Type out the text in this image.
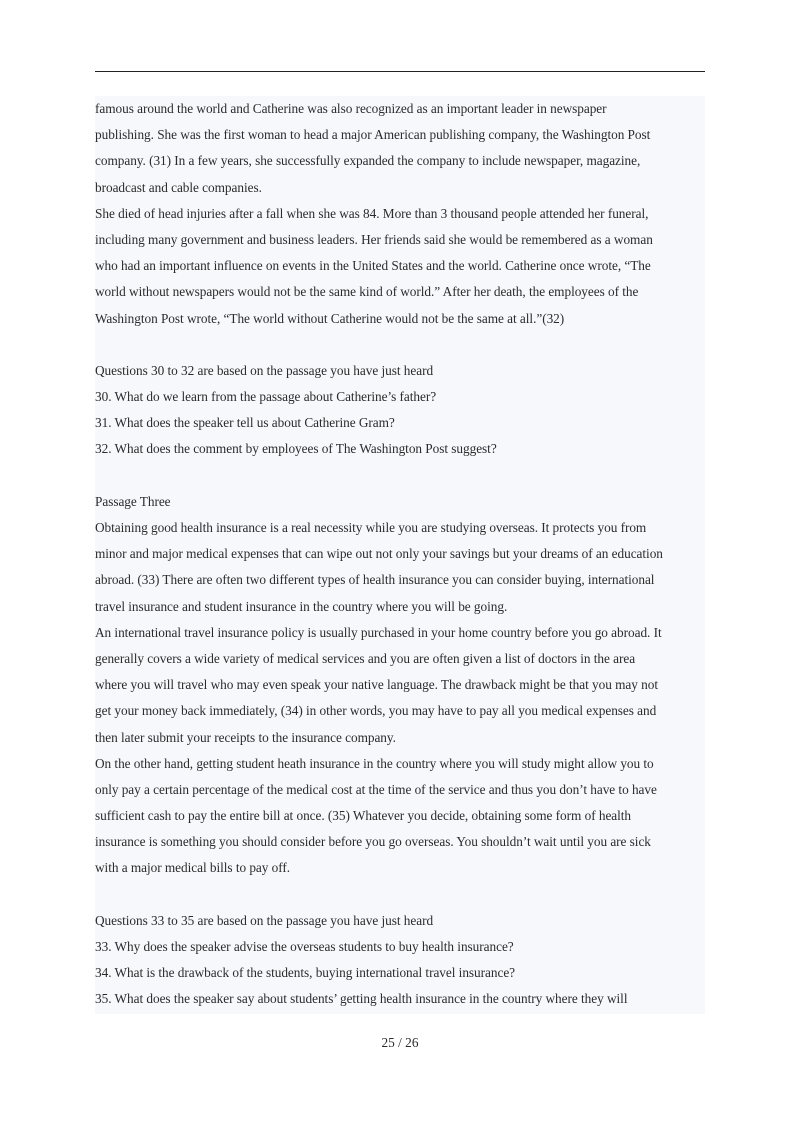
famous around the world and Catherine was also recognized as an important leader in newspaper
publishing. She was the first woman to head a major American publishing company, the Washington Post
company. (31) In a few years, she successfully expanded the company to include newspaper, magazine,
broadcast and cable companies.
She died of head injuries after a fall when she was 84. More than 3 thousand people attended her funeral,
including many government and business leaders. Her friends said she would be remembered as a woman
who had an important influence on events in the United States and the world. Catherine once wrote, “The
world without newspapers would not be the same kind of world.” After her death, the employees of the
Washington Post wrote, “The world without Catherine would not be the same at all.”(32)
Questions 30 to 32 are based on the passage you have just heard
30. What do we learn from the passage about Catherine’s father?
31. What does the speaker tell us about Catherine Gram?
32. What does the comment by employees of The Washington Post suggest?
Passage Three
Obtaining good health insurance is a real necessity while you are studying overseas. It protects you from
minor and major medical expenses that can wipe out not only your savings but your dreams of an education
abroad. (33) There are often two different types of health insurance you can consider buying, international
travel insurance and student insurance in the country where you will be going.
An international travel insurance policy is usually purchased in your home country before you go abroad. It
generally covers a wide variety of medical services and you are often given a list of doctors in the area
where you will travel who may even speak your native language. The drawback might be that you may not
get your money back immediately, (34) in other words, you may have to pay all you medical expenses and
then later submit your receipts to the insurance company.
On the other hand, getting student heath insurance in the country where you will study might allow you to
only pay a certain percentage of the medical cost at the time of the service and thus you don’t have to have
sufficient cash to pay the entire bill at once. (35) Whatever you decide, obtaining some form of health
insurance is something you should consider before you go overseas. You shouldn’t wait until you are sick
with a major medical bills to pay off.
Questions 33 to 35 are based on the passage you have just heard
33. Why does the speaker advise the overseas students to buy health insurance?
34. What is the drawback of the students, buying international travel insurance?
35. What does the speaker say about students’ getting health insurance in the country where they will
25 / 26
